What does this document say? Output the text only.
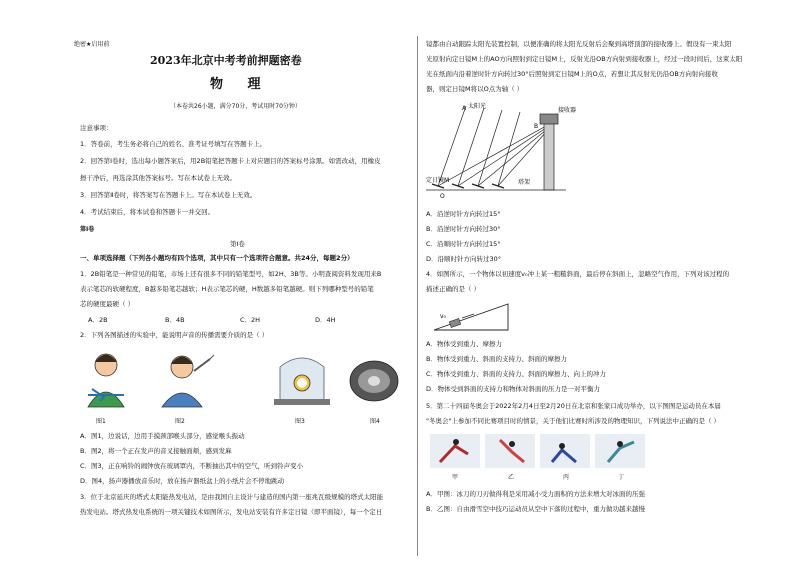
绝密★启用前
2023年北京中考考前押题密卷
物 理
（本卷共26小题，满分70分，考试用时70分钟）
注意事项：
1．答卷前，考生务必将自己的姓名、准考证号填写在答题卡上。
2．回答第Ⅰ卷时，选出每小题答案后，用2B铅笔把答题卡上对应题目的答案标号涂黑。如需改动，用橡皮
擦干净后，再选涂其他答案标号。写在本试卷上无效。
3．回答第Ⅱ卷时，将答案写在答题卡上。写在本试卷上无效。
4．考试结束后，将本试卷和答题卡一并交回。
第Ⅰ卷
第Ⅰ卷
一、单项选择题（下列各小题均有四个选项，其中只有一个选项符合题意。共24分，每题2分）
1．2B铅笔是一种常见的铅笔，市场上还有很多不同的铅笔型号，如2H、3B等。小明查阅资料发现用来B
表示笔芯的软硬程度，B越多铅笔芯越软；H表示笔芯的硬，H数越多铅笔越硬。则下列哪种型号的铅笔
芯的硬度最硬（ ）
A．2B	B．4B	C．2H	D．4H
2．下列各图描述的实验中，能说明声音的传播需要介质的是（ ）
图1	图2	图3	图4
A．图1，边说话，边用手摸颈部喉头部分，感觉喉头振动
B．图2，将一个正在发声的音叉接触面颊，感到发麻
C．图3，正在响铃的闹钟放在玻璃罩内，不断抽出其中的空气，听到铃声变小
D．图4，扬声器播放音乐时，放在扬声器纸盆上的小纸片会不停地跳动
3．位于北京延庆的塔式太阳能热发电站，是由我国自主设计与建造的国内第一座兆瓦级规模的塔式太阳能
热发电站。塔式热发电系统的一项关键技术如图所示，发电站安装有许多定日镜（即平面镜），每一个定日
镜都由自动跟踪太阳光装置控制，以便准确的将太阳光反射后会聚到高塔顶部的接收器上。假设有一束太阳
光原射向定日镜M上的AO方向照射到定日镜M上，反射光沿OB方向射到接收器上，经过一段时间后，这束太阳
光在纸面内沿着逆时针方向转过30°后照射到定日镜M上的O点，若想让其反射光仍沿OB方向射向接收
器，则定日镜M将以O点为轴（ ）
太阳光
接收器
定日镜M	塔架
A
B
O
A．沿逆时针方向转过15°
B．沿逆时针方向转过30°
C．沿顺时针方向转过15°
D．沿顺时针方向转过30°
4．如图所示，一个物体以初速度v₀冲上某一粗糙斜面，最后停在斜面上，忽略空气作用，下列对该过程的
描述正确的是（ ）
v₀
A．物体受到重力、摩擦力
B．物体受到重力、斜面的支持力、斜面的摩擦力
C．物体受到重力、斜面的支持力、斜面的摩擦力、向上的冲力
D．物体受到斜面的支持力和物体对斜面的压力是一对平衡力
5．第二十四届冬奥会于2022年2月4日至2月20日在北京和张家口成功举办，以下图图是运动员在本届
"冬奥会"上参加不同比赛项目时的情景，关于他们比赛时所涉及的物理知识，下列说法中正确的是（ ）
甲	乙	丙	丁
A．甲图：冰刀的刀刃做得利是采用减小受力面积的方法来增大对冰面的压强
B．乙图：自由滑雪空中技巧运动员从空中下落的过程中，重力做功越来越慢
